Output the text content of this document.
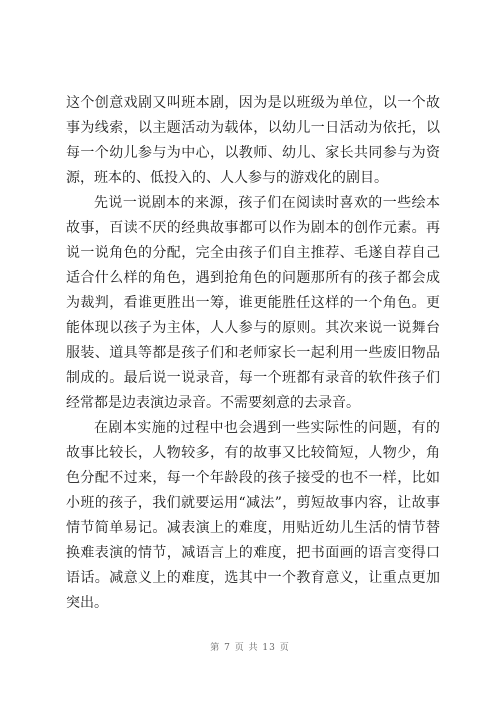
这个创意戏剧又叫班本剧，因为是以班级为单位，以一个故事为线索，以主题活动为载体，以幼儿一日活动为依托，以每一个幼儿参与为中心，以教师、幼儿、家长共同参与为资源，班本的、低投入的、人人参与的游戏化的剧目。

先说一说剧本的来源，孩子们在阅读时喜欢的一些绘本故事，百读不厌的经典故事都可以作为剧本的创作元素。再说一说角色的分配，完全由孩子们自主推荐、毛遂自荐自己适合什么样的角色，遇到抢角色的问题那所有的孩子都会成为裁判，看谁更胜出一筹，谁更能胜任这样的一个角色。更能体现以孩子为主体，人人参与的原则。其次来说一说舞台服装、道具等都是孩子们和老师家长一起利用一些废旧物品制成的。最后说一说录音，每一个班都有录音的软件孩子们经常都是边表演边录音。不需要刻意的去录音。

在剧本实施的过程中也会遇到一些实际性的问题，有的故事比较长，人物较多，有的故事又比较简短，人物少，角色分配不过来，每一个年龄段的孩子接受的也不一样，比如小班的孩子，我们就要运用“减法”，剪短故事内容，让故事情节简单易记。减表演上的难度，用贴近幼儿生活的情节替换难表演的情节，减语言上的难度，把书面画的语言变得口语话。减意义上的难度，选其中一个教育意义，让重点更加突出。

第 7 页 共 13 页
